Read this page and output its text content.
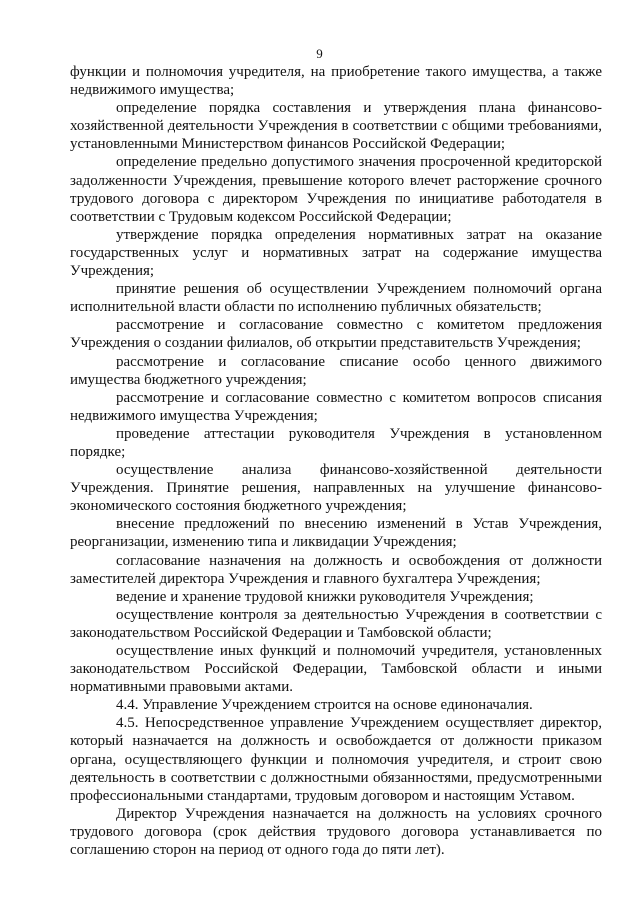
9

функции и полномочия учредителя, на приобретение такого имущества, а также недвижимого имущества;

определение порядка составления и утверждения плана финансово-хозяйственной деятельности Учреждения в соответствии с общими требованиями, установленными Министерством финансов Российской Федерации;

определение предельно допустимого значения просроченной кредиторской задолженности Учреждения, превышение которого влечет расторжение срочного трудового договора с директором Учреждения по инициативе работодателя в соответствии с Трудовым кодексом Российской Федерации;

утверждение порядка определения нормативных затрат на оказание государственных услуг и нормативных затрат на содержание имущества Учреждения;

принятие решения об осуществлении Учреждением полномочий органа исполнительной власти области по исполнению публичных обязательств;

рассмотрение и согласование совместно с комитетом предложения Учреждения о создании филиалов, об открытии представительств Учреждения;

рассмотрение и согласование списание особо ценного движимого имущества бюджетного учреждения;

рассмотрение и согласование совместно с комитетом вопросов списания недвижимого имущества Учреждения;

проведение аттестации руководителя Учреждения в установленном порядке;

осуществление анализа финансово-хозяйственной деятельности Учреждения. Принятие решения, направленных на улучшение финансово-экономического состояния бюджетного учреждения;

внесение предложений по внесению изменений в Устав Учреждения, реорганизации, изменению типа и ликвидации Учреждения;

согласование назначения на должность и освобождения от должности заместителей директора Учреждения и главного бухгалтера Учреждения;

ведение и хранение трудовой книжки руководителя Учреждения;

осуществление контроля за деятельностью Учреждения в соответствии с законодательством Российской Федерации и Тамбовской области;

осуществление иных функций и полномочий учредителя, установленных законодательством Российской Федерации, Тамбовской области и иными нормативными правовыми актами.

4.4. Управление Учреждением строится на основе единоначалия.

4.5. Непосредственное управление Учреждением осуществляет директор, который назначается на должность и освобождается от должности приказом органа, осуществляющего функции и полномочия учредителя, и строит свою деятельность в соответствии с должностными обязанностями, предусмотренными профессиональными стандартами, трудовым договором и настоящим Уставом.

Директор Учреждения назначается на должность на условиях срочного трудового договора (срок действия трудового договора устанавливается по соглашению сторон на период от одного года до пяти лет).
